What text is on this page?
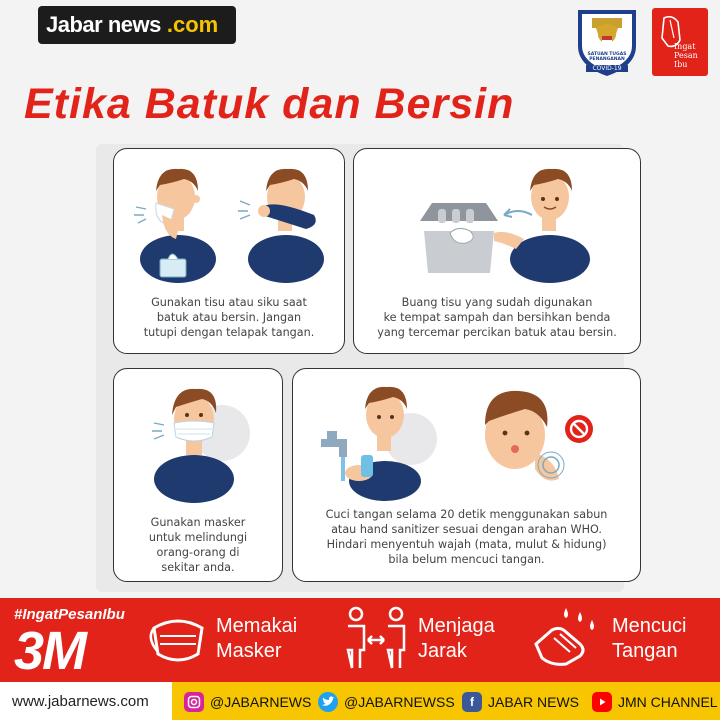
Jabar news .com
SATUAN TUGAS
PENANGANAN
COVID-19
Ingat
Pesan
Ibu
Etika Batuk dan Bersin
Gunakan tisu atau siku saat
batuk atau bersin. Jangan
tutupi dengan telapak tangan.
Buang tisu yang sudah digunakan
ke tempat sampah dan bersihkan benda
yang tercemar percikan batuk atau bersin.
Gunakan masker
untuk melindungi
orang-orang di
sekitar anda.
Cuci tangan selama 20 detik menggunakan sabun
atau hand sanitizer sesuai dengan arahan WHO.
Hindari menyentuh wajah (mata, mulut & hidung)
bila belum mencuci tangan.
#IngatPesanIbu
3M	Memakai
Masker
Menjaga
Jarak
Mencuci
Tangan
www.jabarnews.com	@JABARNEWS @JABARNEWSS	f	JABAR NEWS	JMN CHANNEL
